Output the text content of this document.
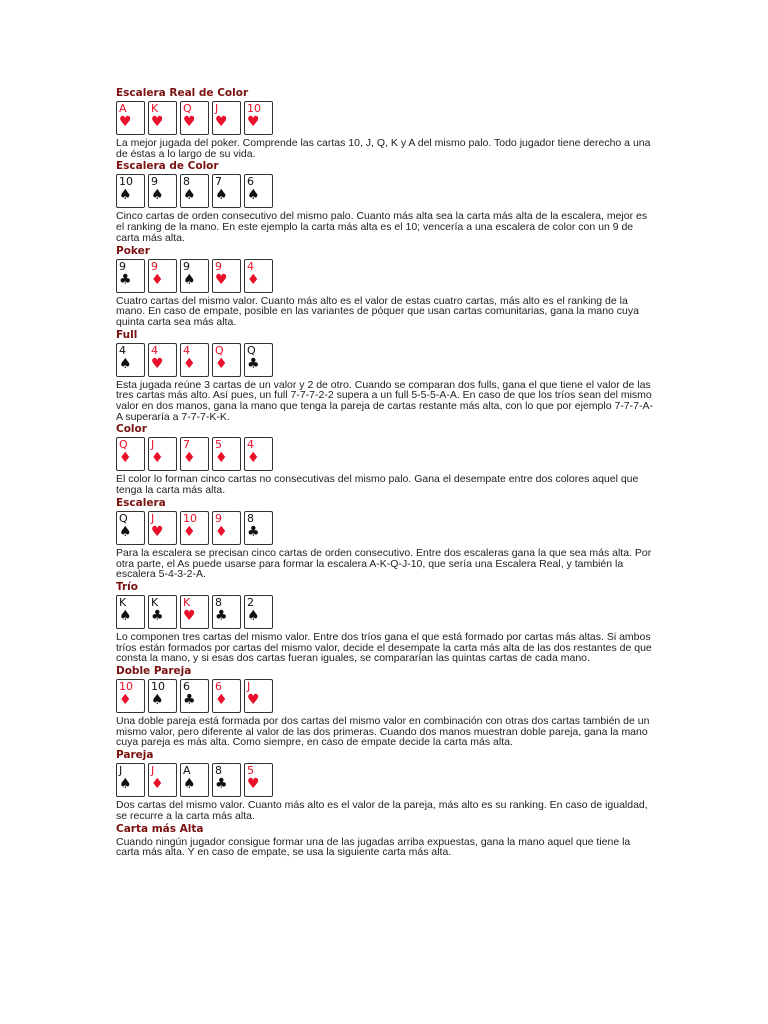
Escalera Real de Color
A
♥
K
♥
Q
♥
J
♥
10
♥

La mejor jugada del poker. Comprende las cartas 10, J, Q, K y A del mismo palo. Todo jugador tiene derecho a una de éstas a lo largo de su vida.

Escalera de Color
10
♠
9
♠
8
♠
7
♠
6
♠

Cinco cartas de orden consecutivo del mismo palo. Cuanto más alta sea la carta más alta de la escalera, mejor es el ranking de la mano. En este ejemplo la carta más alta es el 10; vencería a una escalera de color con un 9 de carta más alta.

Poker
9
♣
9
♦
9
♠
9
♥
4
♦

Cuatro cartas del mismo valor. Cuanto más alto es el valor de estas cuatro cartas, más alto es el ranking de la mano. En caso de empate, posible en las variantes de póquer que usan cartas comunitarias, gana la mano cuya quinta carta sea más alta.

Full
4
♠
4
♥
4
♦
Q
♦
Q
♣

Esta jugada reúne 3 cartas de un valor y 2 de otro. Cuando se comparan dos fulls, gana el que tiene el valor de las tres cartas más alto. Así pues, un full 7-7-7-2-2 supera a un full 5-5-5-A-A. En caso de que los tríos sean del mismo valor en dos manos, gana la mano que tenga la pareja de cartas restante más alta, con lo que por ejemplo 7-7-7-A-A superaría a 7-7-7-K-K.

Color
Q
♦
J
♦
7
♦
5
♦
4
♦

El color lo forman cinco cartas no consecutivas del mismo palo. Gana el desempate entre dos colores aquel que tenga la carta más alta.

Escalera
Q
♠
J
♥
10
♦
9
♦
8
♣

Para la escalera se precisan cinco cartas de orden consecutivo. Entre dos escaleras gana la que sea más alta. Por otra parte, el As puede usarse para formar la escalera A-K-Q-J-10, que sería una Escalera Real, y también la escalera 5-4-3-2-A.

Trío
K
♠
K
♣
K
♥
8
♣
2
♠

Lo componen tres cartas del mismo valor. Entre dos tríos gana el que está formado por cartas más altas. Si ambos tríos están formados por cartas del mismo valor, decide el desempate la carta más alta de las dos restantes de que consta la mano, y si esas dos cartas fueran iguales, se compararían las quintas cartas de cada mano.

Doble Pareja
10
♦
10
♠
6
♣
6
♦
J
♥

Una doble pareja está formada por dos cartas del mismo valor en combinación con otras dos cartas también de un mismo valor, pero diferente al valor de las dos primeras. Cuando dos manos muestran doble pareja, gana la mano cuya pareja es más alta. Como siempre, en caso de empate decide la carta más alta.

Pareja
J
♠
J
♦
A
♠
8
♣
5
♥

Dos cartas del mismo valor. Cuanto más alto es el valor de la pareja, más alto es su ranking. En caso de igualdad, se recurre a la carta más alta.

Carta más Alta

Cuando ningún jugador consigue formar una de las jugadas arriba expuestas, gana la mano aquel que tiene la carta más alta. Y en caso de empate, se usa la siguiente carta más alta.
